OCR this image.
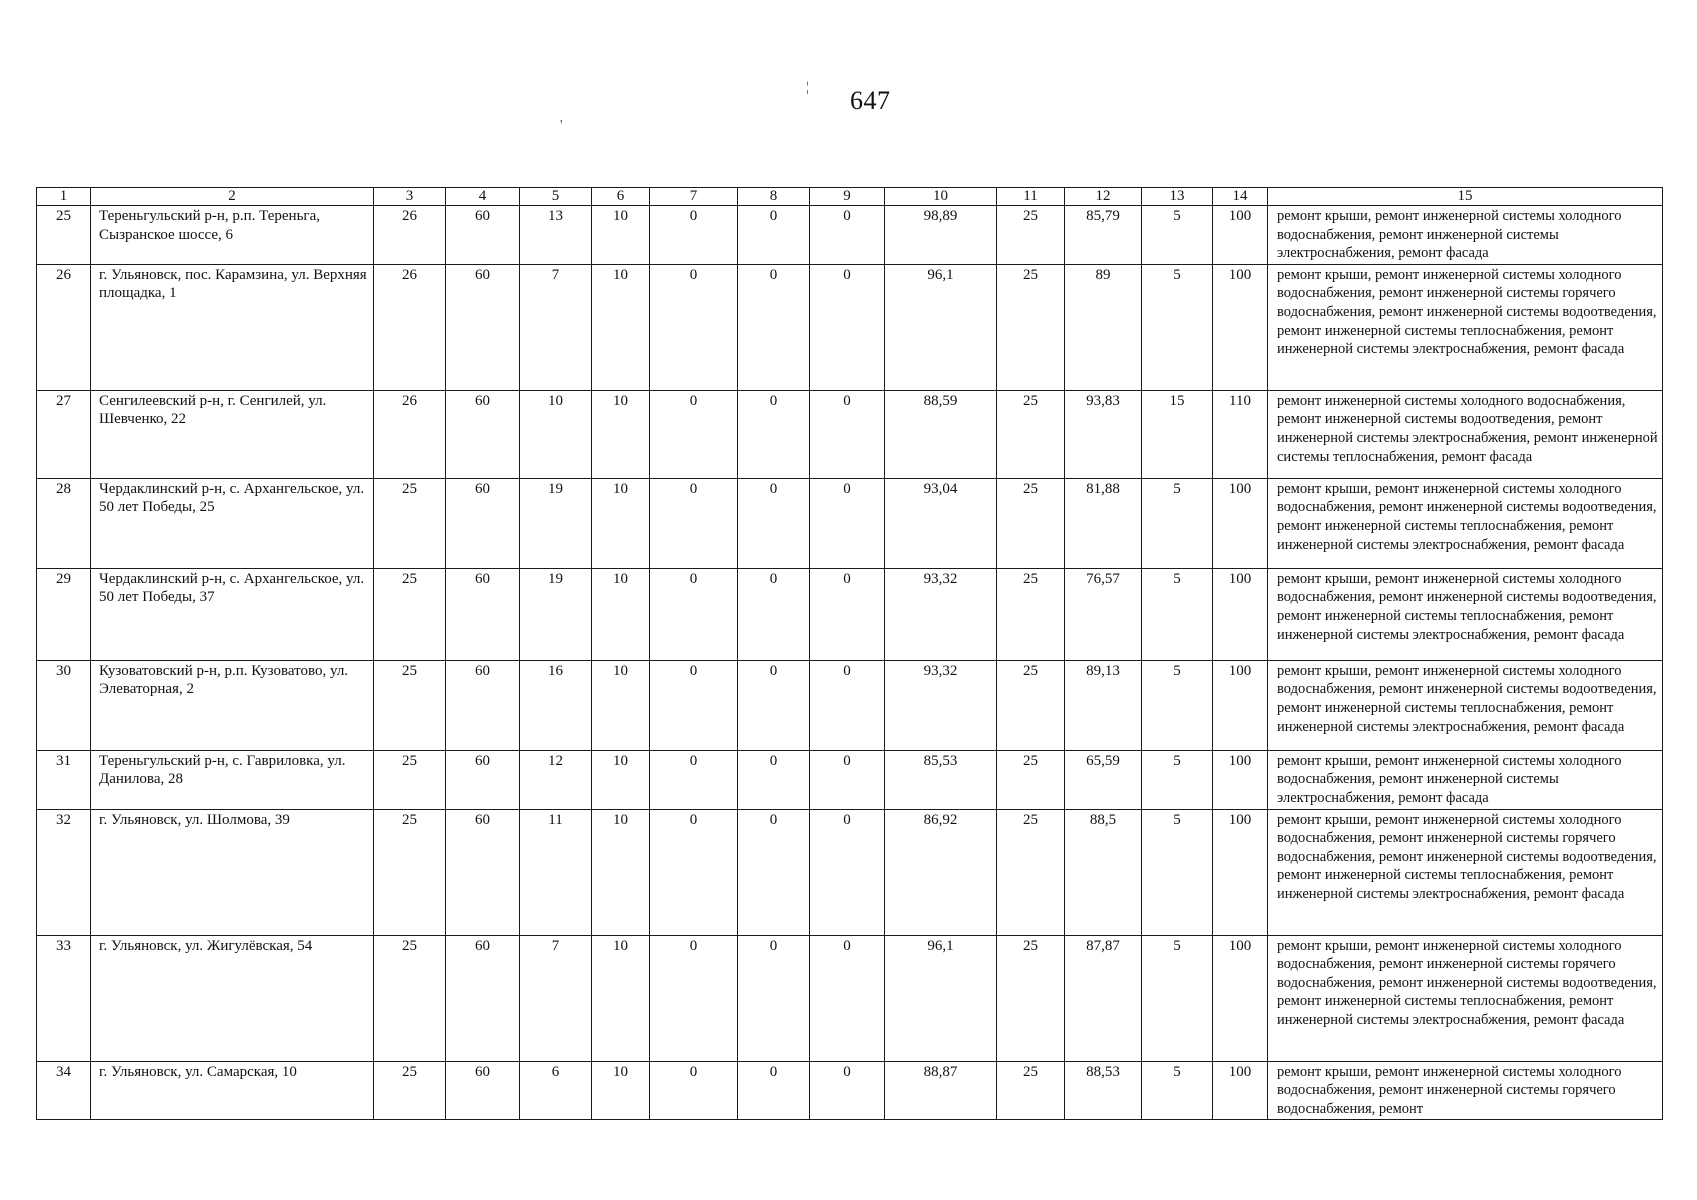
647
¦
'
1	2	3	4	5	6	7	8	9	10	11	12	13	14	15
25	Тереньгульский р-н, р.п. Тереньга, Сызранское шоссе, 6	26	60	13	10	0	0	0	98,89	25	85,79	5	100	ремонт крыши, ремонт инженерной системы холодного водоснабжения, ремонт инженерной системы электроснабжения, ремонт фасада
26	г. Ульяновск, пос. Карамзина, ул. Верхняя площадка, 1	26	60	7	10	0	0	0	96,1	25	89	5	100	ремонт крыши, ремонт инженерной системы холодного водоснабжения, ремонт инженерной системы горячего водоснабжения, ремонт инженерной системы водоотведения, ремонт инженерной системы теплоснабжения, ремонт инженерной системы электроснабжения, ремонт фасада
27	Сенгилеевский р-н, г. Сенгилей, ул. Шевченко, 22	26	60	10	10	0	0	0	88,59	25	93,83	15	110	ремонт инженерной системы холодного водоснабжения, ремонт инженерной системы водоотведения, ремонт инженерной системы электроснабжения, ремонт инженерной системы теплоснабжения, ремонт фасада
28	Чердаклинский р-н, с. Архангельское, ул. 50 лет Победы, 25	25	60	19	10	0	0	0	93,04	25	81,88	5	100	ремонт крыши, ремонт инженерной системы холодного водоснабжения, ремонт инженерной системы водоотведения, ремонт инженерной системы теплоснабжения, ремонт инженерной системы электроснабжения, ремонт фасада
29	Чердаклинский р-н, с. Архангельское, ул. 50 лет Победы, 37	25	60	19	10	0	0	0	93,32	25	76,57	5	100	ремонт крыши, ремонт инженерной системы холодного водоснабжения, ремонт инженерной системы водоотведения, ремонт инженерной системы теплоснабжения, ремонт инженерной системы электроснабжения, ремонт фасада
30	Кузоватовский р-н, р.п. Кузоватово, ул. Элеваторная, 2	25	60	16	10	0	0	0	93,32	25	89,13	5	100	ремонт крыши, ремонт инженерной системы холодного водоснабжения, ремонт инженерной системы водоотведения, ремонт инженерной системы теплоснабжения, ремонт инженерной системы электроснабжения, ремонт фасада
31	Тереньгульский р-н, с. Гавриловка, ул. Данилова, 28	25	60	12	10	0	0	0	85,53	25	65,59	5	100	ремонт крыши, ремонт инженерной системы холодного водоснабжения, ремонт инженерной системы электроснабжения, ремонт фасада
32	г. Ульяновск, ул. Шолмова, 39	25	60	11	10	0	0	0	86,92	25	88,5	5	100	ремонт крыши, ремонт инженерной системы холодного водоснабжения, ремонт инженерной системы горячего водоснабжения, ремонт инженерной системы водоотведения, ремонт инженерной системы теплоснабжения, ремонт инженерной системы электроснабжения, ремонт фасада
33	г. Ульяновск, ул. Жигулёвская, 54	25	60	7	10	0	0	0	96,1	25	87,87	5	100	ремонт крыши, ремонт инженерной системы холодного водоснабжения, ремонт инженерной системы горячего водоснабжения, ремонт инженерной системы водоотведения, ремонт инженерной системы теплоснабжения, ремонт инженерной системы электроснабжения, ремонт фасада
34	г. Ульяновск, ул. Самарская, 10	25	60	6	10	0	0	0	88,87	25	88,53	5	100	ремонт крыши, ремонт инженерной системы холодного водоснабжения, ремонт инженерной системы горячего водоснабжения, ремонт
